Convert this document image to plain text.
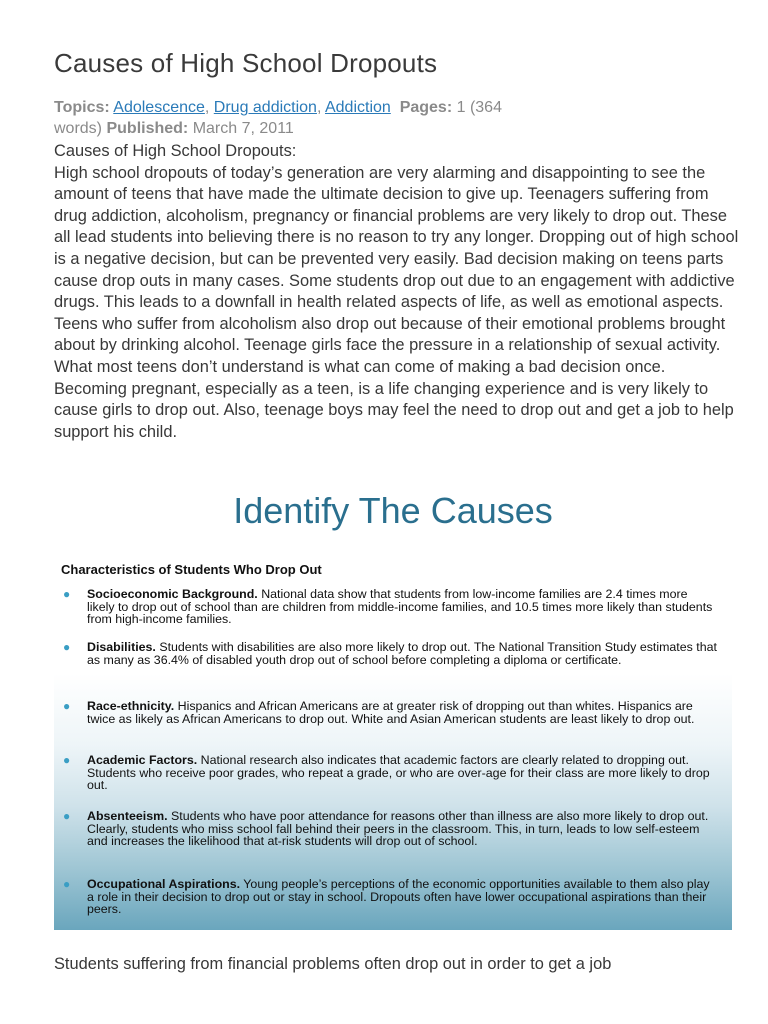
Causes of High School Dropouts
Topics: Adolescence, Drug addiction, Addiction Pages: 1 (364
words) Published: March 7, 2011

Causes of High School Dropouts:
High school dropouts of today’s generation are very alarming and disappointing to see the amount of teens that have made the ultimate decision to give up. Teenagers suffering from drug addiction, alcoholism, pregnancy or financial problems are very likely to drop out. These all lead students into believing there is no reason to try any longer. Dropping out of high school is a negative decision, but can be prevented very easily. Bad decision making on teens parts cause drop outs in many cases. Some students drop out due to an engagement with addictive drugs. This leads to a downfall in health related aspects of life, as well as emotional aspects. Teens who suffer from alcoholism also drop out because of their emotional problems brought about by drinking alcohol. Teenage girls face the pressure in a relationship of sexual activity. What most teens don’t understand is what can come of making a bad decision once. Becoming pregnant, especially as a teen, is a life changing experience and is very likely to cause girls to drop out. Also, teenage boys may feel the need to drop out and get a job to help support his child.

Identify The Causes

Characteristics of Students Who Drop Out

● Socioeconomic Background. National data show that students from low-income families are 2.4 times more likely to drop out of school than are children from middle-income families, and 10.5 times more likely than students from high-income families.
● Disabilities. Students with disabilities are also more likely to drop out. The National Transition Study estimates that as many as 36.4% of disabled youth drop out of school before completing a diploma or certificate.
● Race-ethnicity. Hispanics and African Americans are at greater risk of dropping out than whites. Hispanics are twice as likely as African Americans to drop out. White and Asian American students are least likely to drop out.
● Academic Factors. National research also indicates that academic factors are clearly related to dropping out. Students who receive poor grades, who repeat a grade, or who are over-age for their class are more likely to drop out.
● Absenteeism. Students who have poor attendance for reasons other than illness are also more likely to drop out. Clearly, students who miss school fall behind their peers in the classroom. This, in turn, leads to low self-esteem and increases the likelihood that at-risk students will drop out of school.
● Occupational Aspirations. Young people’s perceptions of the economic opportunities available to them also play a role in their decision to drop out or stay in school. Dropouts often have lower occupational aspirations than their peers.

Students suffering from financial problems often drop out in order to get a job
